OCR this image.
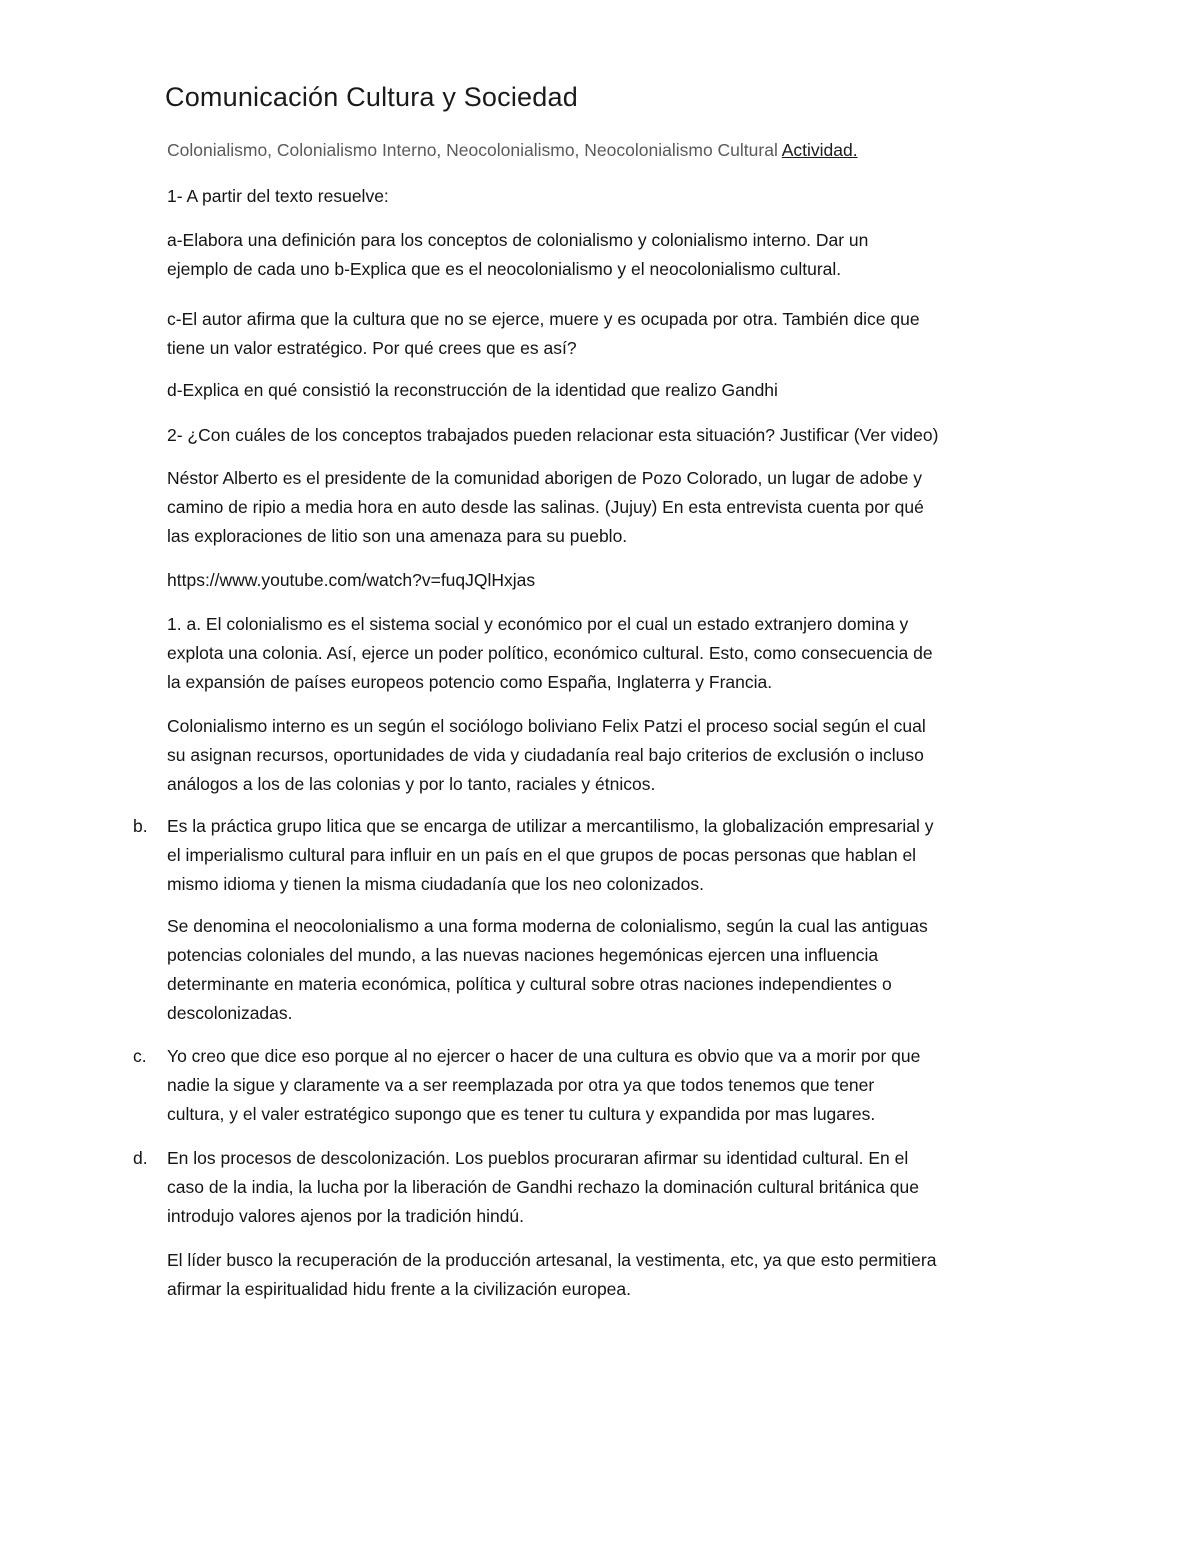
Comunicación Cultura y Sociedad
Colonialismo, Colonialismo Interno, Neocolonialismo, Neocolonialismo Cultural Actividad.
1- A partir del texto resuelve:
a-Elabora una definición para los conceptos de colonialismo y colonialismo interno. Dar un
ejemplo de cada uno b-Explica que es el neocolonialismo y el neocolonialismo cultural.
c-El autor afirma que la cultura que no se ejerce, muere y es ocupada por otra. También dice que
tiene un valor estratégico. Por qué crees que es así?
d-Explica en qué consistió la reconstrucción de la identidad que realizo Gandhi
2- ¿Con cuáles de los conceptos trabajados pueden relacionar esta situación? Justificar (Ver video)
Néstor Alberto es el presidente de la comunidad aborigen de Pozo Colorado, un lugar de adobe y
camino de ripio a media hora en auto desde las salinas. (Jujuy) En esta entrevista cuenta por qué
las exploraciones de litio son una amenaza para su pueblo.
https://www.youtube.com/watch?v=fuqJQlHxjas
1. a. El colonialismo es el sistema social y económico por el cual un estado extranjero domina y
explota una colonia. Así, ejerce un poder político, económico cultural. Esto, como consecuencia de
la expansión de países europeos potencio como España, Inglaterra y Francia.
Colonialismo interno es un según el sociólogo boliviano Felix Patzi el proceso social según el cual
su asignan recursos, oportunidades de vida y ciudadanía real bajo criterios de exclusión o incluso
análogos a los de las colonias y por lo tanto, raciales y étnicos.
b. Es la práctica grupo litica que se encarga de utilizar a mercantilismo, la globalización empresarial y
el imperialismo cultural para influir en un país en el que grupos de pocas personas que hablan el
mismo idioma y tienen la misma ciudadanía que los neo colonizados.
Se denomina el neocolonialismo a una forma moderna de colonialismo, según la cual las antiguas
potencias coloniales del mundo, a las nuevas naciones hegemónicas ejercen una influencia
determinante en materia económica, política y cultural sobre otras naciones independientes o
descolonizadas.
c. Yo creo que dice eso porque al no ejercer o hacer de una cultura es obvio que va a morir por que
nadie la sigue y claramente va a ser reemplazada por otra ya que todos tenemos que tener
cultura, y el valer estratégico supongo que es tener tu cultura y expandida por mas lugares.
d. En los procesos de descolonización. Los pueblos procuraran afirmar su identidad cultural. En el
caso de la india, la lucha por la liberación de Gandhi rechazo la dominación cultural británica que
introdujo valores ajenos por la tradición hindú.
El líder busco la recuperación de la producción artesanal, la vestimenta, etc, ya que esto permitiera
afirmar la espiritualidad hidu frente a la civilización europea.
